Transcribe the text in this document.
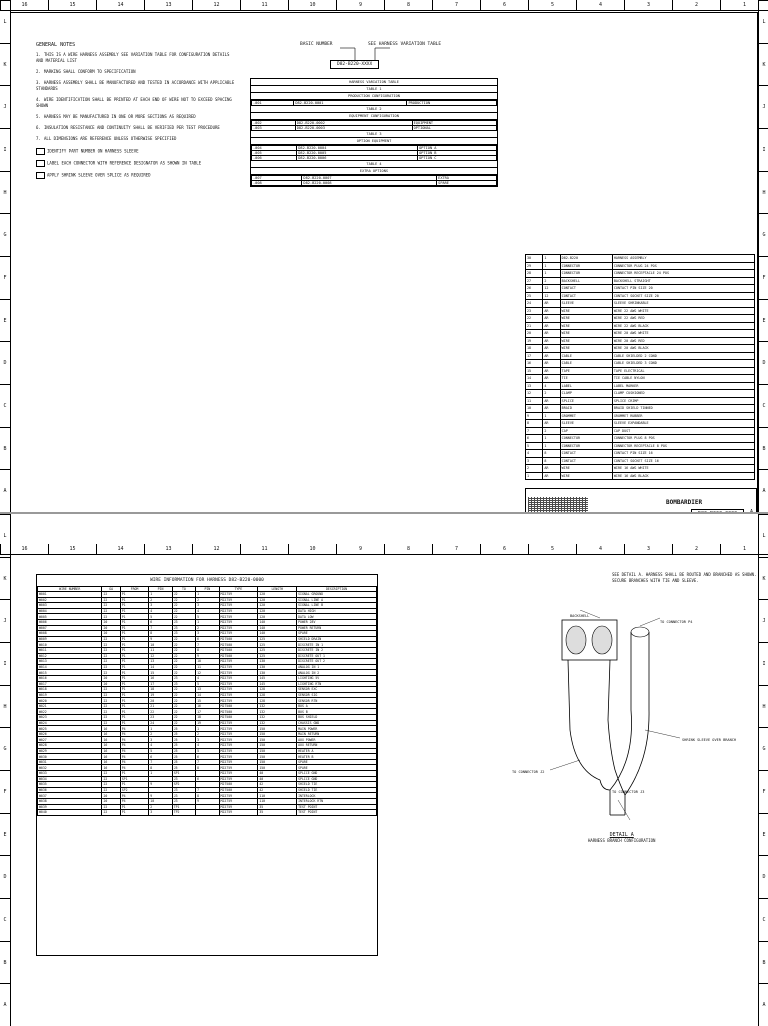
16	15	14	13	12	11	10	9	8	7	6	5	4	3	2	1
L
K
J
I
H
G
F
E
D
C
B
A
L
K
J
I
H
G
F
E
D
C
B
A
GENERAL NOTES
1. THIS IS A WIRE HARNESS ASSEMBLY SEE VARIATION TABLE FOR CONFIGURATION DETAILS AND MATERIAL LIST
2. MARKING SHALL CONFORM TO SPECIFICATION
3. HARNESS ASSEMBLY SHALL BE MANUFACTURED AND TESTED IN ACCORDANCE WITH APPLICABLE STANDARDS
4. WIRE IDENTIFICATION SHALL BE PRINTED AT EACH END OF WIRE NOT TO EXCEED SPACING SHOWN
5. HARNESS MAY BE MANUFACTURED IN ONE OR MORE SECTIONS AS REQUIRED
6. INSULATION RESISTANCE AND CONTINUITY SHALL BE VERIFIED PER TEST PROCEDURE
7. ALL DIMENSIONS ARE REFERENCE UNLESS OTHERWISE SPECIFIED
IDENTIFY PART NUMBER ON HARNESS SLEEVE
LABEL EACH CONNECTOR WITH REFERENCE DESIGNATOR AS SHOWN IN TABLE
APPLY SHRINK SLEEVE OVER SPLICE AS REQUIRED
BASIC NUMBER	SEE HARNESS VARIATION TABLE
D82-B220-XXXX
HARNESS VARIATION TABLE
TABLE 1
PRODUCTION CONFIGURATION
-001	D82-B220-0001	PRODUCTION
TABLE 2
EQUIPMENT CONFIGURATION
-002	D82-B220-0002	EQUIPMENT
-003	D82-B220-0003	OPTIONAL
TABLE 3
OPTION EQUIPMENT
-004	D82-B220-0004	OPTION A
-005	D82-B220-0005	OPTION B
-006	D82-B220-0006	OPTION C
TABLE 4
EXTRA OPTIONS
-007	D82-B220-0007	EXTRA
-008	D82-B220-0008	SPARE
30	1	D82-B220	HARNESS ASSEMBLY
29	1	CONNECTOR	CONNECTOR PLUG 24 POS
28	1	CONNECTOR	CONNECTOR RECEPTACLE 24 POS
27	2	BACKSHELL	BACKSHELL STRAIGHT
26	12	CONTACT	CONTACT PIN SIZE 20
25	12	CONTACT	CONTACT SOCKET SIZE 20
24	AR	SLEEVE	SLEEVE SHRINKABLE
23	AR	WIRE	WIRE 22 AWG WHITE
22	AR	WIRE	WIRE 22 AWG RED
21	AR	WIRE	WIRE 22 AWG BLACK
20	AR	WIRE	WIRE 20 AWG WHITE
19	AR	WIRE	WIRE 20 AWG RED
18	AR	WIRE	WIRE 20 AWG BLACK
17	AR	CABLE	CABLE SHIELDED 2 COND
16	AR	CABLE	CABLE SHIELDED 3 COND
15	AR	TAPE	TAPE ELECTRICAL
14	AR	TIE	TIE CABLE NYLON
13	4	LABEL	LABEL MARKER
12	2	CLAMP	CLAMP CUSHIONED
11	AR	SPLICE	SPLICE CRIMP
10	AR	BRAID	BRAID SHIELD TINNED
9	1	GROMMET	GROMMET RUBBER
8	AR	SLEEVE	SLEEVE EXPANDABLE
7	2	CAP	CAP DUST
6	1	CONNECTOR	CONNECTOR PLUG 8 POS
5	1	CONNECTOR	CONNECTOR RECEPTACLE 8 POS
4	8	CONTACT	CONTACT PIN SIZE 16
3	8	CONTACT	CONTACT SOCKET SIZE 16
2	AR	WIRE	WIRE 16 AWG WHITE
1	AR	WIRE	WIRE 16 AWG BLACK
BOMBARDIER
16	15	14	13	12	11	10	9	8	7	6	5	4	3	2	1
L
K
J
I
H
G
F
E
D
C
B
A
L
K
J
I
H
G
F
E
D
C
B
A
WIRE INFORMATION FOR HARNESS D82-B220-0000
WIRE NUMBER	GA	FROM	PIN	TO	PIN	TYPE	LENGTH	DESCRIPTION
W001	22	P1	1	J2	1	M22759	120	SIGNAL GROUND
W002	22	P1	2	J2	2	M22759	120	SIGNAL LINE A
W003	22	P1	3	J2	3	M22759	120	SIGNAL LINE B
W004	22	P1	4	J2	4	M22759	120	DATA HIGH
W005	22	P1	5	J2	5	M22759	120	DATA LOW
W006	20	P1	6	J3	1	M22759	140	POWER 28V
W007	20	P1	7	J3	2	M22759	140	POWER RETURN
W008	20	P1	8	J3	3	M22759	140	SPARE
W009	22	P1	9	J2	6	M27500	125	SHIELD DRAIN
W010	22	P1	10	J2	7	M27500	125	DISCRETE IN 1
W011	22	P1	11	J2	8	M27500	125	DISCRETE IN 2
W012	22	P1	12	J2	9	M27500	125	DISCRETE OUT 1
W013	22	P1	13	J2	10	M22759	130	DISCRETE OUT 2
W014	22	P1	14	J2	11	M22759	130	ANALOG IN 1
W015	22	P1	15	J2	12	M22759	130	ANALOG IN 2
W016	20	P1	16	J3	4	M22759	145	LIGHTING 5V
W017	20	P1	17	J3	5	M22759	145	LIGHTING RTN
W018	22	P1	18	J2	13	M22759	128	SENSOR EXC
W019	22	P1	19	J2	14	M22759	128	SENSOR SIG
W020	22	P1	20	J2	15	M22759	128	SENSOR RTN
W021	22	P1	21	J2	16	M27500	132	BUS A
W022	22	P1	22	J2	17	M27500	132	BUS B
W023	22	P1	23	J2	18	M27500	132	BUS SHIELD
W024	22	P1	24	J2	19	M22759	132	CHASSIS GND
W025	16	P4	1	J5	1	M22759	150	MAIN POWER
W026	16	P4	2	J5	2	M22759	150	MAIN RETURN
W027	16	P4	3	J5	3	M22759	150	AUX POWER
W028	16	P4	4	J5	4	M22759	150	AUX RETURN
W029	16	P4	5	J5	5	M22759	150	HEATER A
W030	16	P4	6	J5	6	M22759	150	HEATER B
W031	16	P4	7	J5	7	M22759	150	SPARE
W032	16	P4	8	J5	8	M22759	150	SPARE
W033	22	P1	1	SP1		M22759	40	SPLICE GND
W034	22	SP1		J3	6	M22759	40	SPLICE GND
W035	22	P1	9	SP2		M27500	42	SHIELD TIE
W036	22	SP2		J3	7	M27500	42	SHIELD TIE
W037	20	P4	9	J3	8	M22759	110	INTERLOCK
W038	20	P4	10	J3	9	M22759	110	INTERLOCK RTN
W039	22	P1	2	TP1		M22759	35	TEST POINT
W040	22	P1	3	TP2		M22759	35	TEST POINT
SEE DETAIL A. HARNESS SHALL BE ROUTED AND BRANCHED AS SHOWN. SECURE BRANCHES WITH TIE AND SLEEVE.
BACKSHELL
TO CONNECTOR P4
SHRINK SLEEVE OVER BRANCH
TO CONNECTOR J2
TO CONNECTOR J3
DETAIL A
HARNESS BRANCH CONFIGURATION
